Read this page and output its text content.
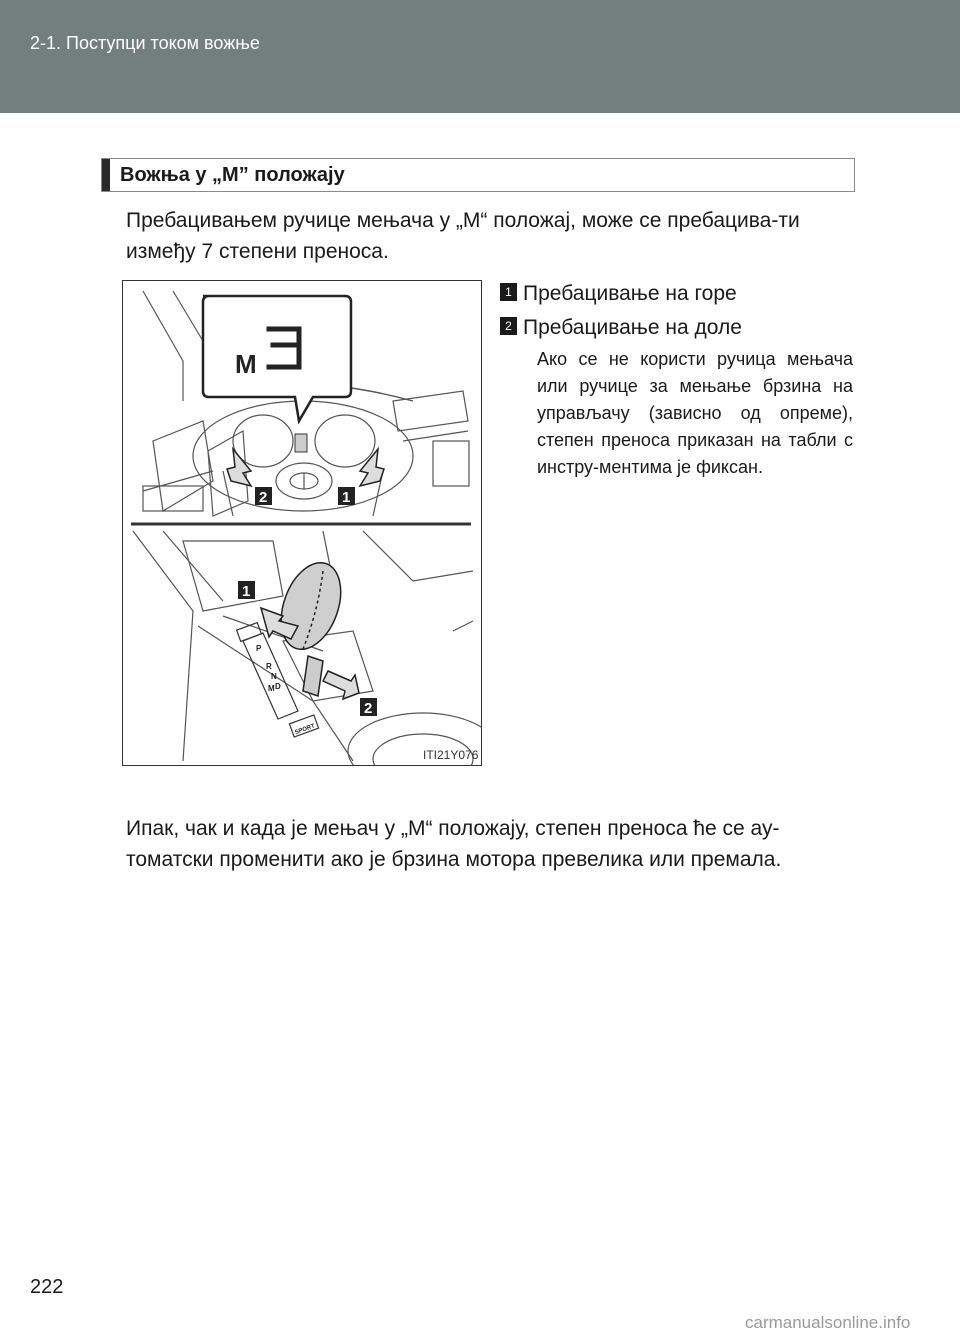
2-1. Поступци током вожње
Вожња у „М” положају
Пребацивањем ручице мењача у „М“ положај, може се пребацива-ти између 7 степени преноса.
M
P
R
N
D
M
SPORT
2	1
1
2
ITI21Y076
1 Пребацивање на горе
2 Пребацивање на доле
Ако се не користи ручица мењача или ручице за мењање брзина на управљачу (зависно од опреме), степен преноса приказан на табли с инстру-ментима је фиксан.
Ипак, чак и када је мењач у „М“ положају, степен преноса ће се ау-томатски променити ако је брзина мотора превелика или премала.
222
carmanualsonline.info
